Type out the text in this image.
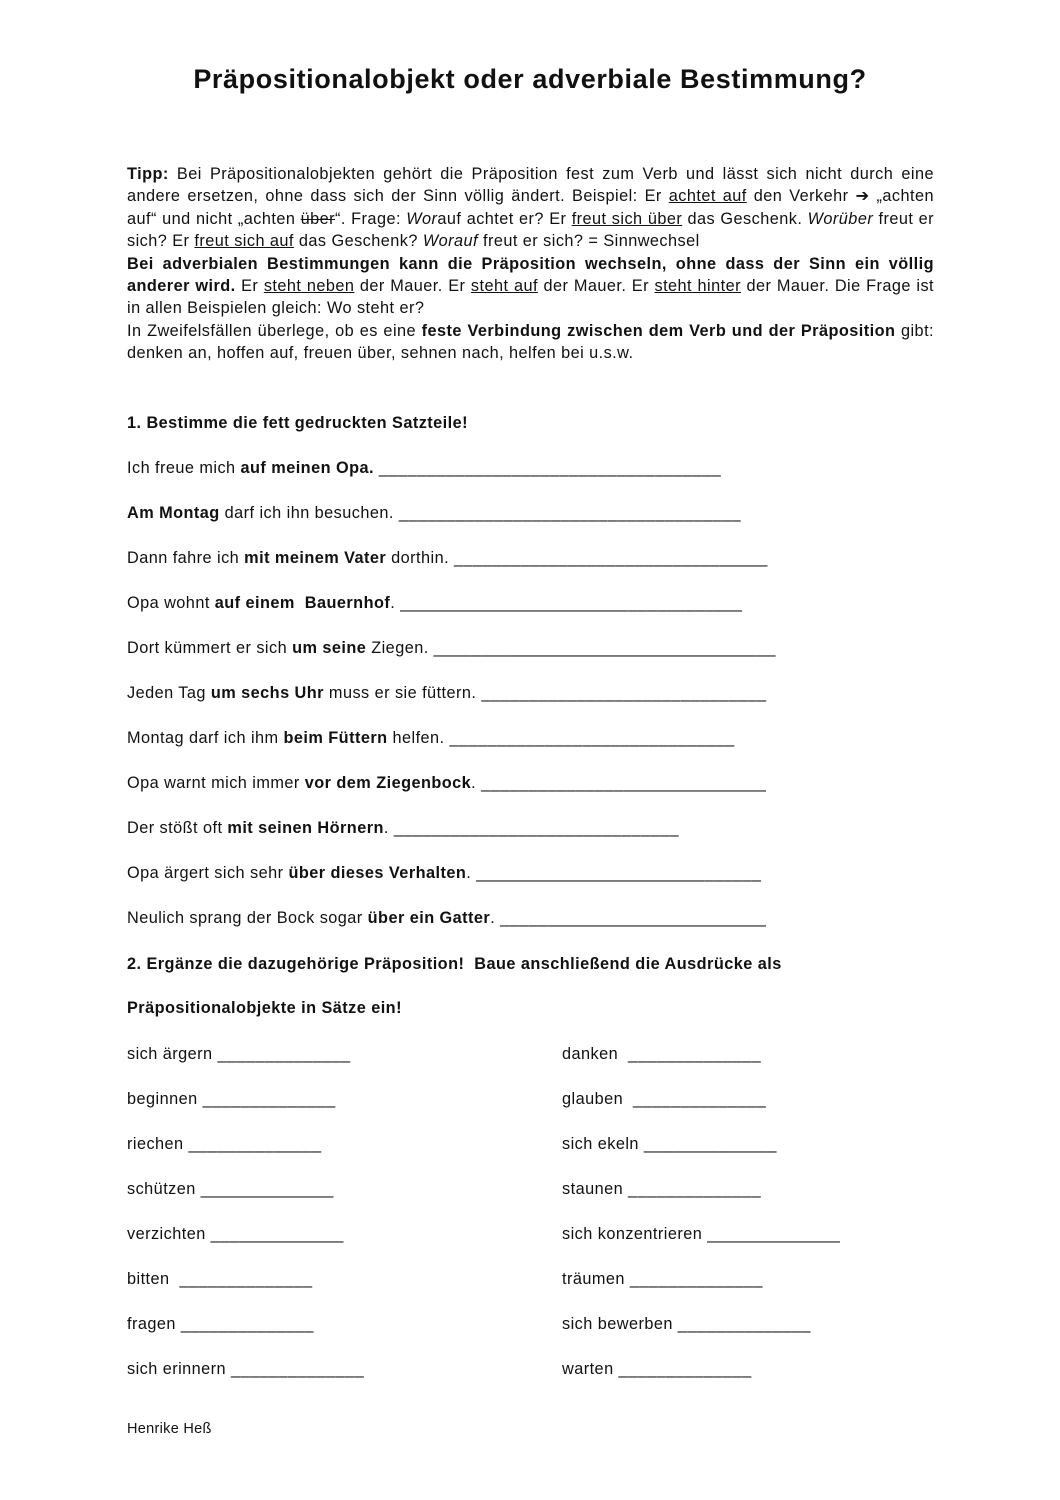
Präpositionalobjekt oder adverbiale Bestimmung?

Tipp: Bei Präpositionalobjekten gehört die Präposition fest zum Verb und lässt sich nicht durch eine andere ersetzen, ohne dass sich der Sinn völlig ändert. Beispiel: Er achtet auf den Verkehr ➔ „achten auf“ und nicht „achten über“. Frage: Worauf achtet er? Er freut sich über das Geschenk. Worüber freut er sich? Er freut sich auf das Geschenk? Worauf freut er sich? = Sinnwechsel

Bei adverbialen Bestimmungen kann die Präposition wechseln, ohne dass der Sinn ein völlig anderer wird. Er steht neben der Mauer. Er steht auf der Mauer. Er steht hinter der Mauer. Die Frage ist in allen Beispielen gleich: Wo steht er?

In Zweifelsfällen überlege, ob es eine feste Verbindung zwischen dem Verb und der Präposition gibt: denken an, hoffen auf, freuen über, sehnen nach, helfen bei u.s.w.

1. Bestimme die fett gedruckten Satzteile!
Ich freue mich auf meinen Opa. ____________________________________
Am Montag darf ich ihn besuchen. ____________________________________
Dann fahre ich mit meinem Vater dorthin. _________________________________
Opa wohnt auf einem  Bauernhof. ____________________________________
Dort kümmert er sich um seine Ziegen. ____________________________________
Jeden Tag um sechs Uhr muss er sie füttern. ______________________________
Montag darf ich ihm beim Füttern helfen. ______________________________
Opa warnt mich immer vor dem Ziegenbock. ______________________________
Der stößt oft mit seinen Hörnern. ______________________________
Opa ärgert sich sehr über dieses Verhalten. ______________________________
Neulich sprang der Bock sogar über ein Gatter. ____________________________
2. Ergänze die dazugehörige Präposition!  Baue anschließend die Ausdrücke als
Präpositionalobjekte in Sätze ein!
sich ärgern ______________	danken  ______________
beginnen ______________	glauben  ______________
riechen ______________	sich ekeln ______________
schützen ______________	staunen ______________
verzichten ______________	sich konzentrieren ______________
bitten  ______________	träumen ______________
fragen ______________	sich bewerben ______________
sich erinnern ______________	warten ______________
Henrike Heß
